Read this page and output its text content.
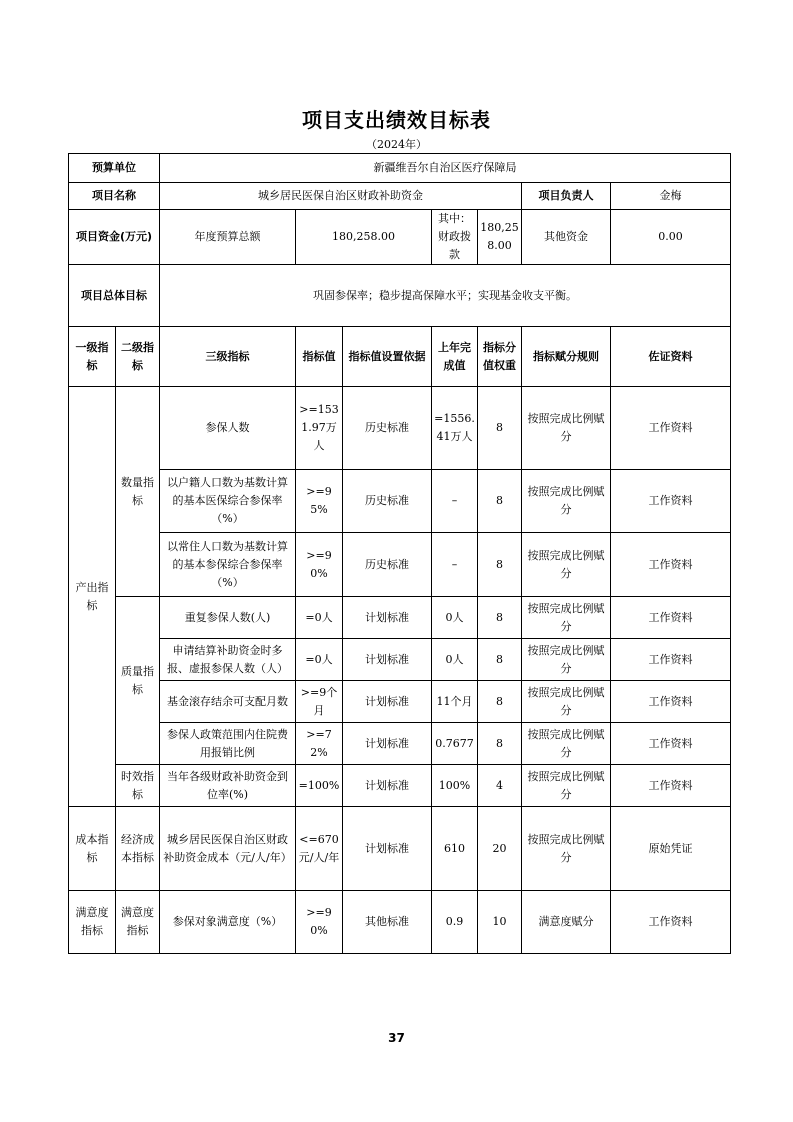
项目支出绩效目标表
（2024年）
预算单位		新疆维吾尔自治区医疗保障局						
项目名称		城乡居民医保自治区财政补助资金					项目负责人	金梅
项目资金(万元)		年度预算总额	180,258.00		其中：财政拨款	180,258.00	其他资金	0.00
项目总体目标		巩固参保率；稳步提高保障水平；实现基金收支平衡。						
一级指标	二级指标	三级指标	指标值	指标值设置依据	上年完成值	指标分值权重	指标赋分规则	佐证资料
产出指标	数量指标	参保人数	>=1531.97万人	历史标准	=1556.41万人	8	按照完成比例赋分	工作资料
		以户籍人口数为基数计算的基本医保综合参保率（%）	>=95%	历史标准	–	8	按照完成比例赋分	工作资料
		以常住人口数为基数计算的基本参保综合参保率（%）	>=90%	历史标准	–	8	按照完成比例赋分	工作资料
	质量指标	重复参保人数(人)	=0人	计划标准	0人	8	按照完成比例赋分	工作资料
		申请结算补助资金时多报、虚报参保人数（人）	=0人	计划标准	0人	8	按照完成比例赋分	工作资料
		基金滚存结余可支配月数	>=9个月	计划标准	11个月	8	按照完成比例赋分	工作资料
		参保人政策范围内住院费用报销比例	>=72%	计划标准	0.7677	8	按照完成比例赋分	工作资料
	时效指标	当年各级财政补助资金到位率(%)	=100%	计划标准	100%	4	按照完成比例赋分	工作资料
成本指标	经济成本指标	城乡居民医保自治区财政补助资金成本（元/人/年）	<=670元/人/年	计划标准	610	20	按照完成比例赋分	原始凭证
满意度指标	满意度指标	参保对象满意度（%）	>=90%	其他标准	0.9	10	满意度赋分	工作资料
37
